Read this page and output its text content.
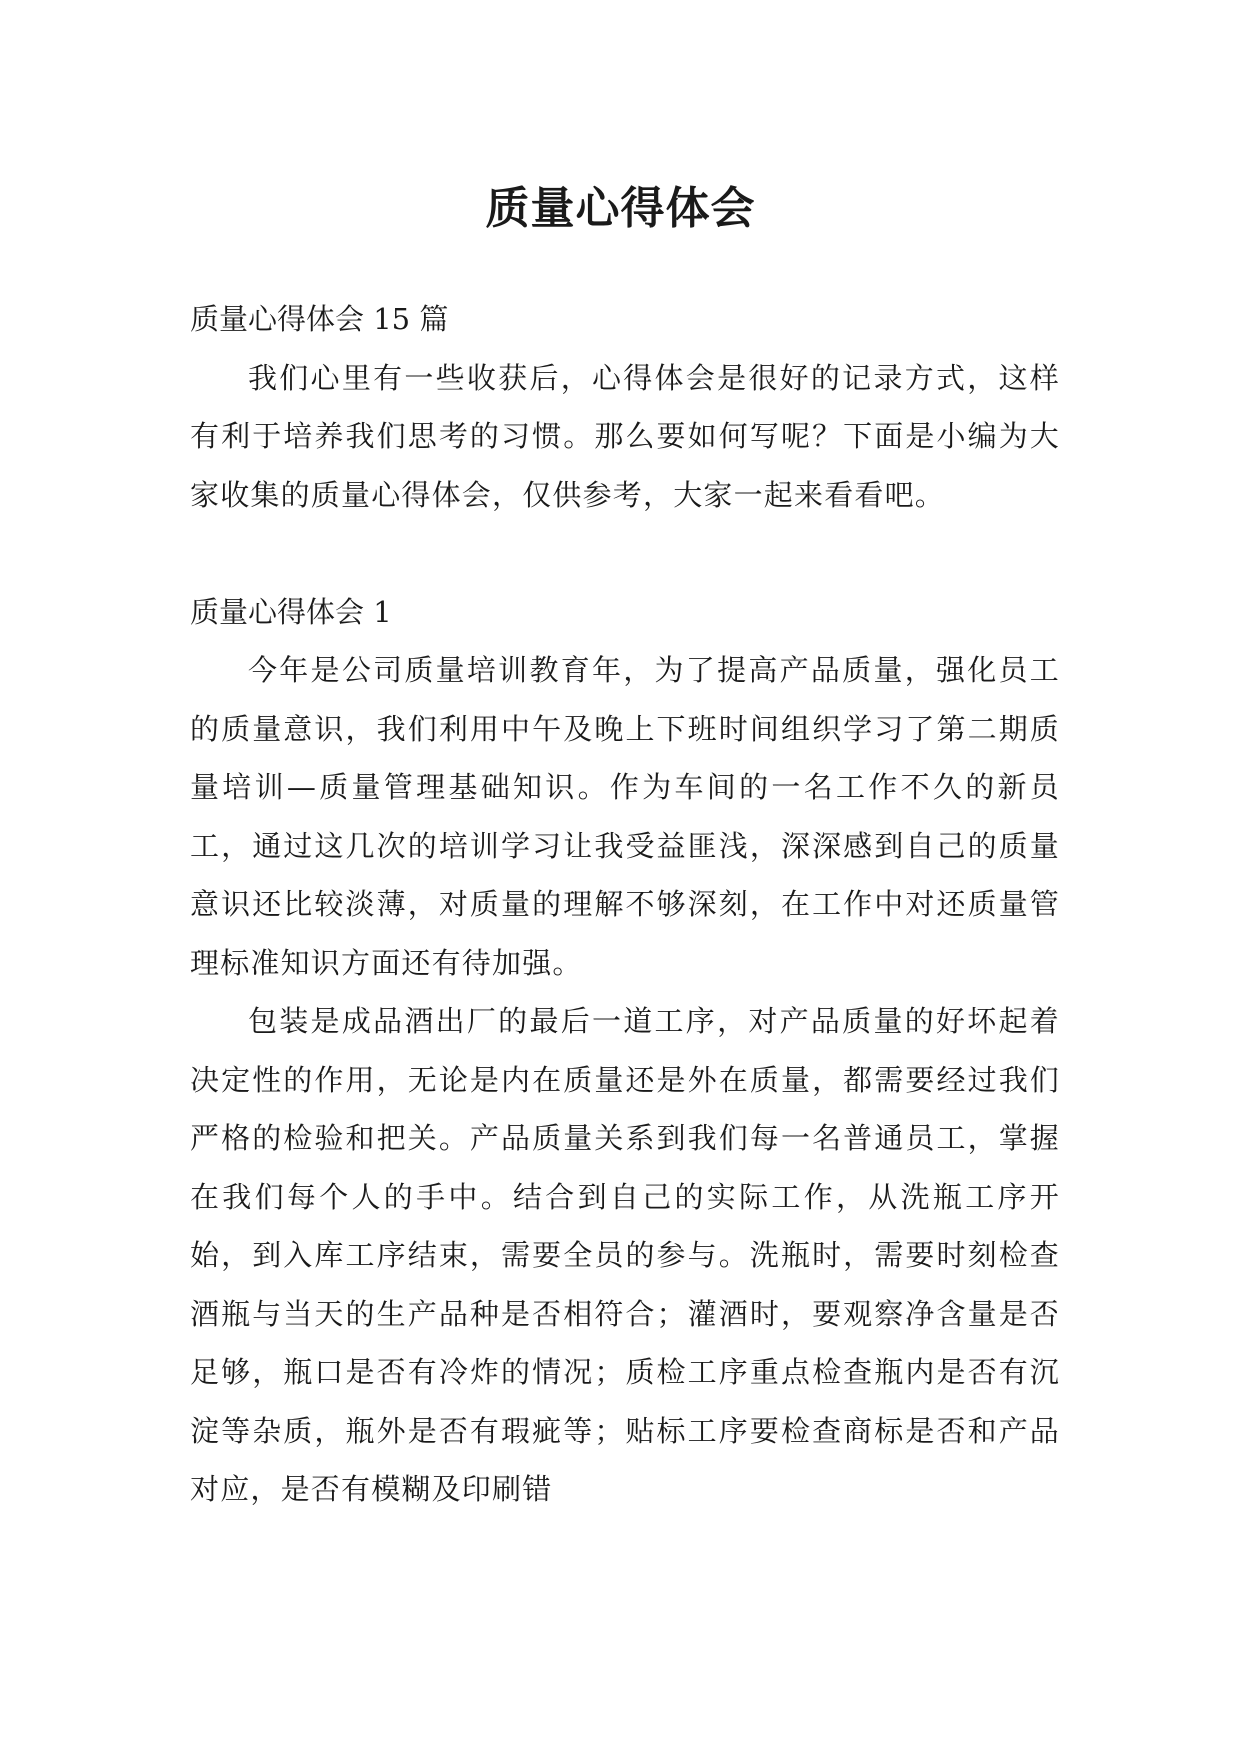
质量心得体会

质量心得体会 15 篇

我们心里有一些收获后，心得体会是很好的记录方式，这样有利于培养我们思考的习惯。那么要如何写呢？下面是小编为大家收集的质量心得体会，仅供参考，大家一起来看看吧。

质量心得体会 1

今年是公司质量培训教育年，为了提高产品质量，强化员工的质量意识，我们利用中午及晚上下班时间组织学习了第二期质量培训—质量管理基础知识。作为车间的一名工作不久的新员工，通过这几次的培训学习让我受益匪浅，深深感到自己的质量意识还比较淡薄，对质量的理解不够深刻，在工作中对还质量管理标准知识方面还有待加强。

包装是成品酒出厂的最后一道工序，对产品质量的好坏起着决定性的作用，无论是内在质量还是外在质量，都需要经过我们严格的检验和把关。产品质量关系到我们每一名普通员工，掌握在我们每个人的手中。结合到自己的实际工作，从洗瓶工序开始，到入库工序结束，需要全员的参与。洗瓶时，需要时刻检查酒瓶与当天的生产品种是否相符合；灌酒时，要观察净含量是否足够，瓶口是否有冷炸的情况；质检工序重点检查瓶内是否有沉淀等杂质，瓶外是否有瑕疵等；贴标工序要检查商标是否和产品对应，是否有模糊及印刷错
